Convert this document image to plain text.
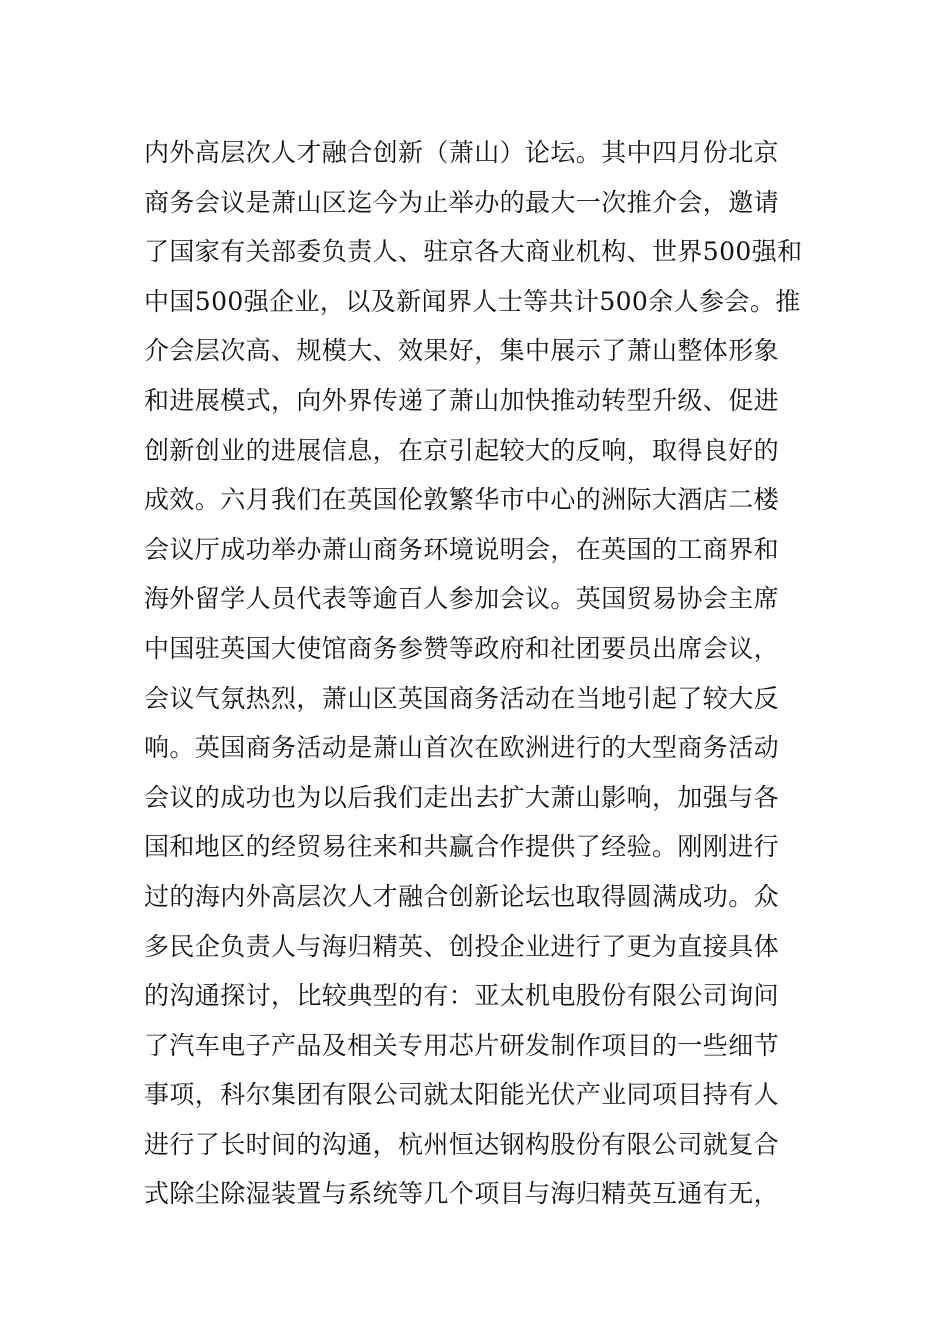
内外高层次人才融合创新（萧山）论坛。其中四月份北京
商务会议是萧山区迄今为止举办的最大一次推介会，邀请
了国家有关部委负责人、驻京各大商业机构、世界500强和
中国500强企业，以及新闻界人士等共计500余人参会。推
介会层次高、规模大、效果好，集中展示了萧山整体形象
和进展模式，向外界传递了萧山加快推动转型升级、促进
创新创业的进展信息，在京引起较大的反响，取得良好的
成效。六月我们在英国伦敦繁华市中心的洲际大酒店二楼
会议厅成功举办萧山商务环境说明会，在英国的工商界和
海外留学人员代表等逾百人参加会议。英国贸易协会主席
中国驻英国大使馆商务参赞等政府和社团要员出席会议，
会议气氛热烈，萧山区英国商务活动在当地引起了较大反
响。英国商务活动是萧山首次在欧洲进行的大型商务活动
会议的成功也为以后我们走出去扩大萧山影响，加强与各
国和地区的经贸易往来和共赢合作提供了经验。刚刚进行
过的海内外高层次人才融合创新论坛也取得圆满成功。众
多民企负责人与海归精英、创投企业进行了更为直接具体
的沟通探讨，比较典型的有：亚太机电股份有限公司询问
了汽车电子产品及相关专用芯片研发制作项目的一些细节
事项，科尔集团有限公司就太阳能光伏产业同项目持有人
进行了长时间的沟通，杭州恒达钢构股份有限公司就复合
式除尘除湿装置与系统等几个项目与海归精英互通有无，
